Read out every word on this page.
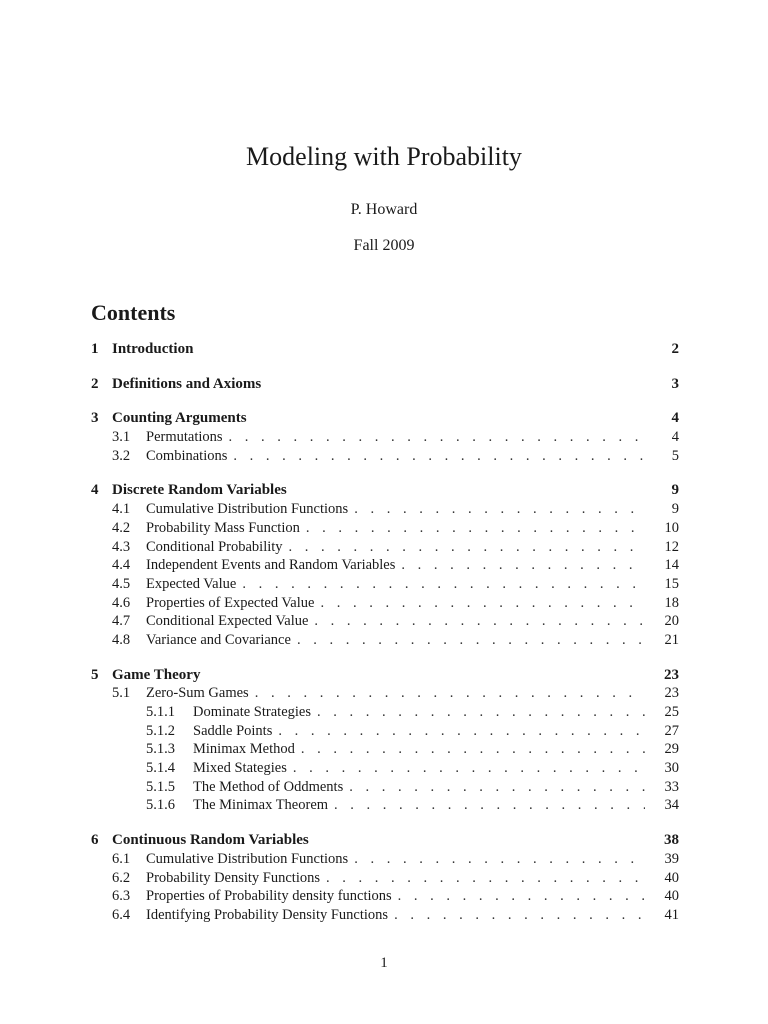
Modeling with Probability
P. Howard
Fall 2009
Contents
1 Introduction	2
2 Definitions and Axioms	3
3 Counting Arguments	4
3.1	Permutations . . .	4
3.2	Combinations . . .	5
4 Discrete Random Variables	9
4.1	Cumulative Distribution Functions . . .	9
4.2	Probability Mass Function . . .	10
4.3	Conditional Probability . . .	12
4.4	Independent Events and Random Variables . . .	14
4.5	Expected Value . . .	15
4.6	Properties of Expected Value . . .	18
4.7	Conditional Expected Value . . .	20
4.8	Variance and Covariance . . .	21
5 Game Theory	23
5.1	Zero-Sum Games . . .	23
5.1.1	Dominate Strategies . . .	25
5.1.2	Saddle Points . . .	27
5.1.3	Minimax Method . . .	29
5.1.4	Mixed Stategies . . .	30
5.1.5	The Method of Oddments . . .	33
5.1.6	The Minimax Theorem . . .	34
6 Continuous Random Variables	38
6.1	Cumulative Distribution Functions . . .	39
6.2	Probability Density Functions . . .	40
6.3	Properties of Probability density functions . . .	40
6.4	Identifying Probability Density Functions . . .	41
1
